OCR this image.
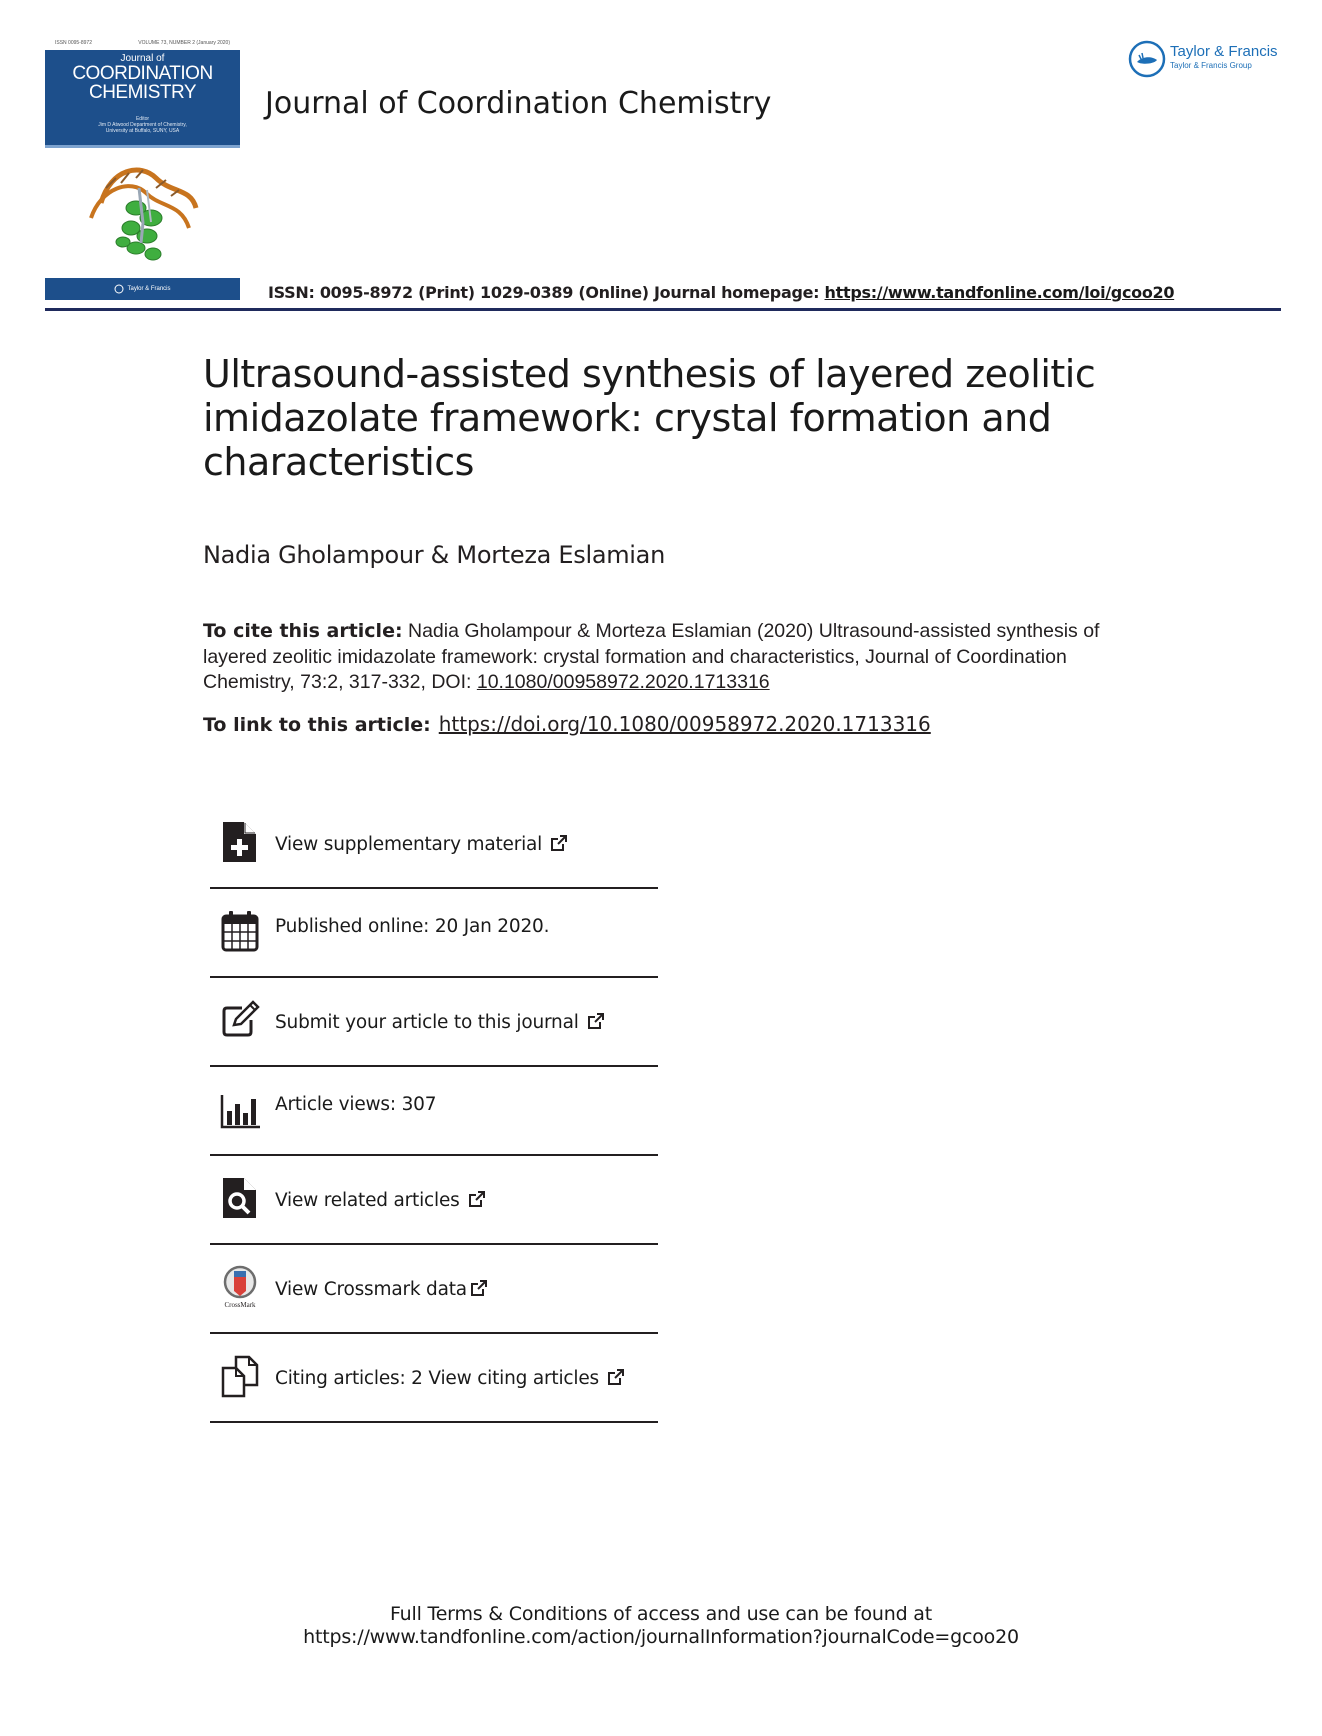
ISSN 0095-8972	VOLUME 73, NUMBER 2 (January 2020)
Journal of
COORDINATION
CHEMISTRY
Editor
Jim D Atwood Department of Chemistry,
University at Buffalo, SUNY, USA
Taylor & Francis
Journal of Coordination Chemistry
Taylor & Francis
Taylor & Francis Group
ISSN: 0095-8972 (Print) 1029-0389 (Online) Journal homepage: https://www.tandfonline.com/loi/gcoo20
Ultrasound-assisted synthesis of layered zeolitic imidazolate framework: crystal formation and characteristics
Nadia Gholampour & Morteza Eslamian
To cite this article: Nadia Gholampour & Morteza Eslamian (2020) Ultrasound-assisted synthesis of layered zeolitic imidazolate framework: crystal formation and characteristics, Journal of Coordination Chemistry, 73:2, 317-332, DOI: 10.1080/00958972.2020.1713316
To link to this article: https://doi.org/10.1080/00958972.2020.1713316
View supplementary material
Published online: 20 Jan 2020.
Submit your article to this journal
Article views: 307
View related articles
CrossMark
View Crossmark data
Citing articles: 2 View citing articles
Full Terms & Conditions of access and use can be found at
https://www.tandfonline.com/action/journalInformation?journalCode=gcoo20
